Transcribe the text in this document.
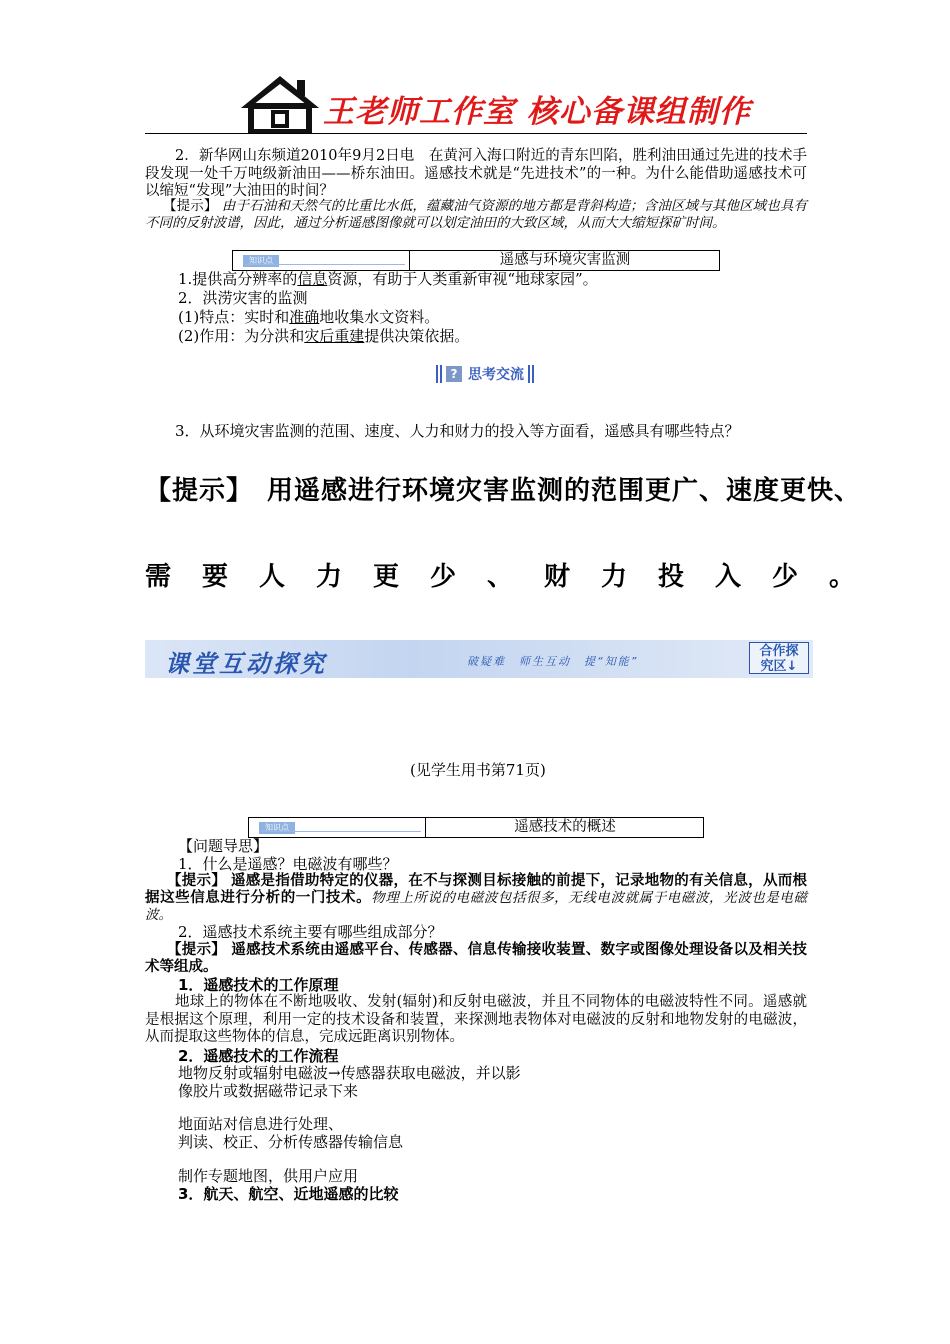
王老师工作室 核心备课组制作
2．新华网山东频道2010年9月2日电　在黄河入海口附近的青东凹陷，胜利油田通过先进的技术手段发现一处千万吨级新油田——桥东油田。遥感技术就是“先进技术”的一种。为什么能借助遥感技术可以缩短“发现”大油田的时间？
【提示】 由于石油和天然气的比重比水低，蕴藏油气资源的地方都是背斜构造；含油区域与其他区域也具有不同的反射波谱，因此，通过分析遥感图像就可以划定油田的大致区域，从而大大缩短探矿时间。
知识点	遥感与环境灾害监测
1.提供高分辨率的信息资源，有助于人类重新审视“地球家园”。
2．洪涝灾害的监测
(1)特点：实时和准确地收集水文资料。
(2)作用：为分洪和灾后重建提供决策依据。
? 思考交流
3．从环境灾害监测的范围、速度、人力和财力的投入等方面看，遥感具有哪些特点？
【提示】　用遥感进行环境灾害监测的范围更广、速度更快、
需要人力更少、财力投入少。
课堂互动探究	破疑难　师生互动　提“知能”
合作探究区↓
(见学生用书第71页)
知识点	遥感技术的概述
【问题导思】
1．什么是遥感？电磁波有哪些？
【提示】 遥感是指借助特定的仪器，在不与探测目标接触的前提下，记录地物的有关信息，从而根据这些信息进行分析的一门技术。物理上所说的电磁波包括很多，无线电波就属于电磁波，光波也是电磁波。
2．遥感技术系统主要有哪些组成部分？
【提示】 遥感技术系统由遥感平台、传感器、信息传输接收装置、数字或图像处理设备以及相关技术等组成。
1．遥感技术的工作原理
地球上的物体在不断地吸收、发射(辐射)和反射电磁波，并且不同物体的电磁波特性不同。遥感就是根据这个原理，利用一定的技术设备和装置，来探测地表物体对电磁波的反射和地物发射的电磁波，从而提取这些物体的信息，完成远距离识别物体。
2．遥感技术的工作流程
地物反射或辐射电磁波→传感器获取电磁波，并以影
像胶片或数据磁带记录下来
地面站对信息进行处理、
判读、校正、分析传感器传输信息
制作专题地图，供用户应用
3．航天、航空、近地遥感的比较
